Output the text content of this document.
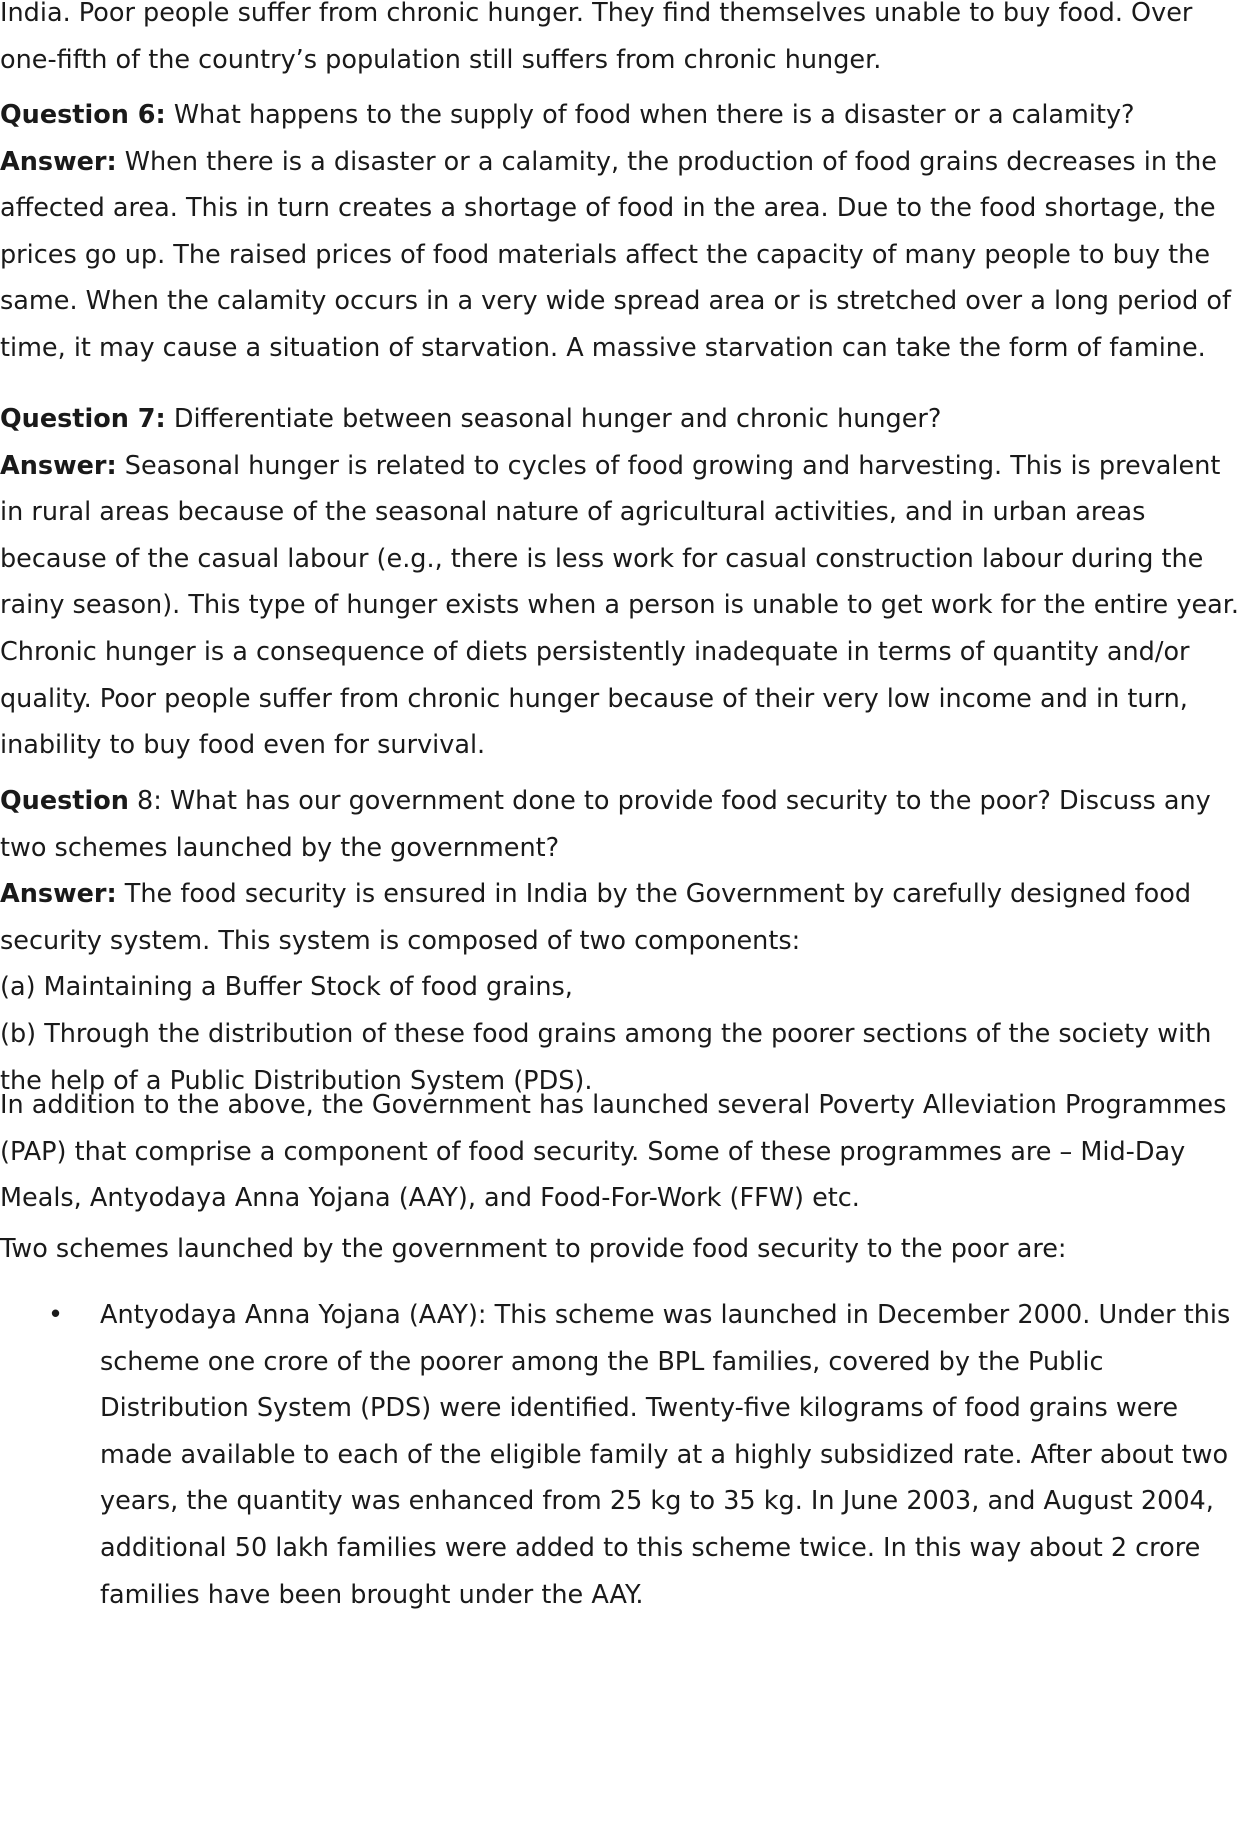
India. Poor people suffer from chronic hunger. They find themselves unable to buy food. Over one-fifth of the country’s population still suffers from chronic hunger.

Question 6: What happens to the supply of food when there is a disaster or a calamity?
Answer: When there is a disaster or a calamity, the production of food grains decreases in the affected area. This in turn creates a shortage of food in the area. Due to the food shortage, the prices go up. The raised prices of food materials affect the capacity of many people to buy the same. When the calamity occurs in a very wide spread area or is stretched over a long period of time, it may cause a situation of starvation. A massive starvation can take the form of famine.

Question 7: Differentiate between seasonal hunger and chronic hunger?
Answer: Seasonal hunger is related to cycles of food growing and harvesting. This is prevalent in rural areas because of the seasonal nature of agricultural activities, and in urban areas because of the casual labour (e.g., there is less work for casual construction labour during the rainy season). This type of hunger exists when a person is unable to get work for the entire year.
Chronic hunger is a consequence of diets persistently inadequate in terms of quantity and/or quality. Poor people suffer from chronic hunger because of their very low income and in turn, inability to buy food even for survival.

Question 8: What has our government done to provide food security to the poor? Discuss any two schemes launched by the government?
Answer: The food security is ensured in India by the Government by carefully designed food security system. This system is composed of two components:
(a) Maintaining a Buffer Stock of food grains,
(b) Through the distribution of these food grains among the poorer sections of the society with the help of a Public Distribution System (PDS).

In addition to the above, the Government has launched several Poverty Alleviation Programmes (PAP) that comprise a component of food security. Some of these programmes are – Mid-Day Meals, Antyodaya Anna Yojana (AAY), and Food-For-Work (FFW) etc.

Two schemes launched by the government to provide food security to the poor are:

•	Antyodaya Anna Yojana (AAY): This scheme was launched in December 2000. Under this scheme one crore of the poorer among the BPL families, covered by the Public Distribution System (PDS) were identified. Twenty-five kilograms of food grains were made available to each of the eligible family at a highly subsidized rate. After about two years, the quantity was enhanced from 25 kg to 35 kg. In June 2003, and August 2004, additional 50 lakh families were added to this scheme twice. In this way about 2 crore families have been brought under the AAY.
